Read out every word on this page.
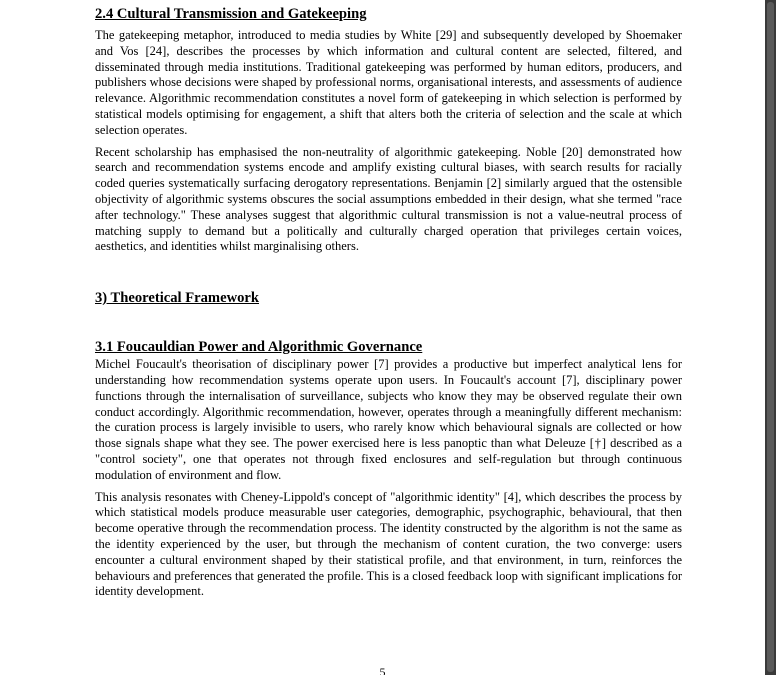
2.4 Cultural Transmission and Gatekeeping

The gatekeeping metaphor, introduced to media studies by White [29] and subsequently developed by Shoemaker and Vos [24], describes the processes by which information and cultural content are selected, filtered, and disseminated through media institutions. Traditional gatekeeping was performed by human editors, producers, and publishers whose decisions were shaped by professional norms, organisational interests, and assessments of audience relevance. Algorithmic recommendation constitutes a novel form of gatekeeping in which selection is performed by statistical models optimising for engagement, a shift that alters both the criteria of selection and the scale at which selection operates.

Recent scholarship has emphasised the non-neutrality of algorithmic gatekeeping. Noble [20] demonstrated how search and recommendation systems encode and amplify existing cultural biases, with search results for racially coded queries systematically surfacing derogatory representations. Benjamin [2] similarly argued that the ostensible objectivity of algorithmic systems obscures the social assumptions embedded in their design, what she termed "race after technology." These analyses suggest that algorithmic cultural transmission is not a value-neutral process of matching supply to demand but a politically and culturally charged operation that privileges certain voices, aesthetics, and identities whilst marginalising others.

3) Theoretical Framework
3.1 Foucauldian Power and Algorithmic Governance

Michel Foucault's theorisation of disciplinary power [7] provides a productive but imperfect analytical lens for understanding how recommendation systems operate upon users. In Foucault's account [7], disciplinary power functions through the internalisation of surveillance, subjects who know they may be observed regulate their own conduct accordingly. Algorithmic recommendation, however, operates through a meaningfully different mechanism: the curation process is largely invisible to users, who rarely know which behavioural signals are collected or how those signals shape what they see. The power exercised here is less panoptic than what Deleuze [†] described as a "control society", one that operates not through fixed enclosures and self-regulation but through continuous modulation of environment and flow.

This analysis resonates with Cheney-Lippold's concept of "algorithmic identity" [4], which describes the process by which statistical models produce measurable user categories, demographic, psychographic, behavioural, that then become operative through the recommendation process. The identity constructed by the algorithm is not the same as the identity experienced by the user, but through the mechanism of content curation, the two converge: users encounter a cultural environment shaped by their statistical profile, and that environment, in turn, reinforces the behaviours and preferences that generated the profile. This is a closed feedback loop with significant implications for identity development.

5
